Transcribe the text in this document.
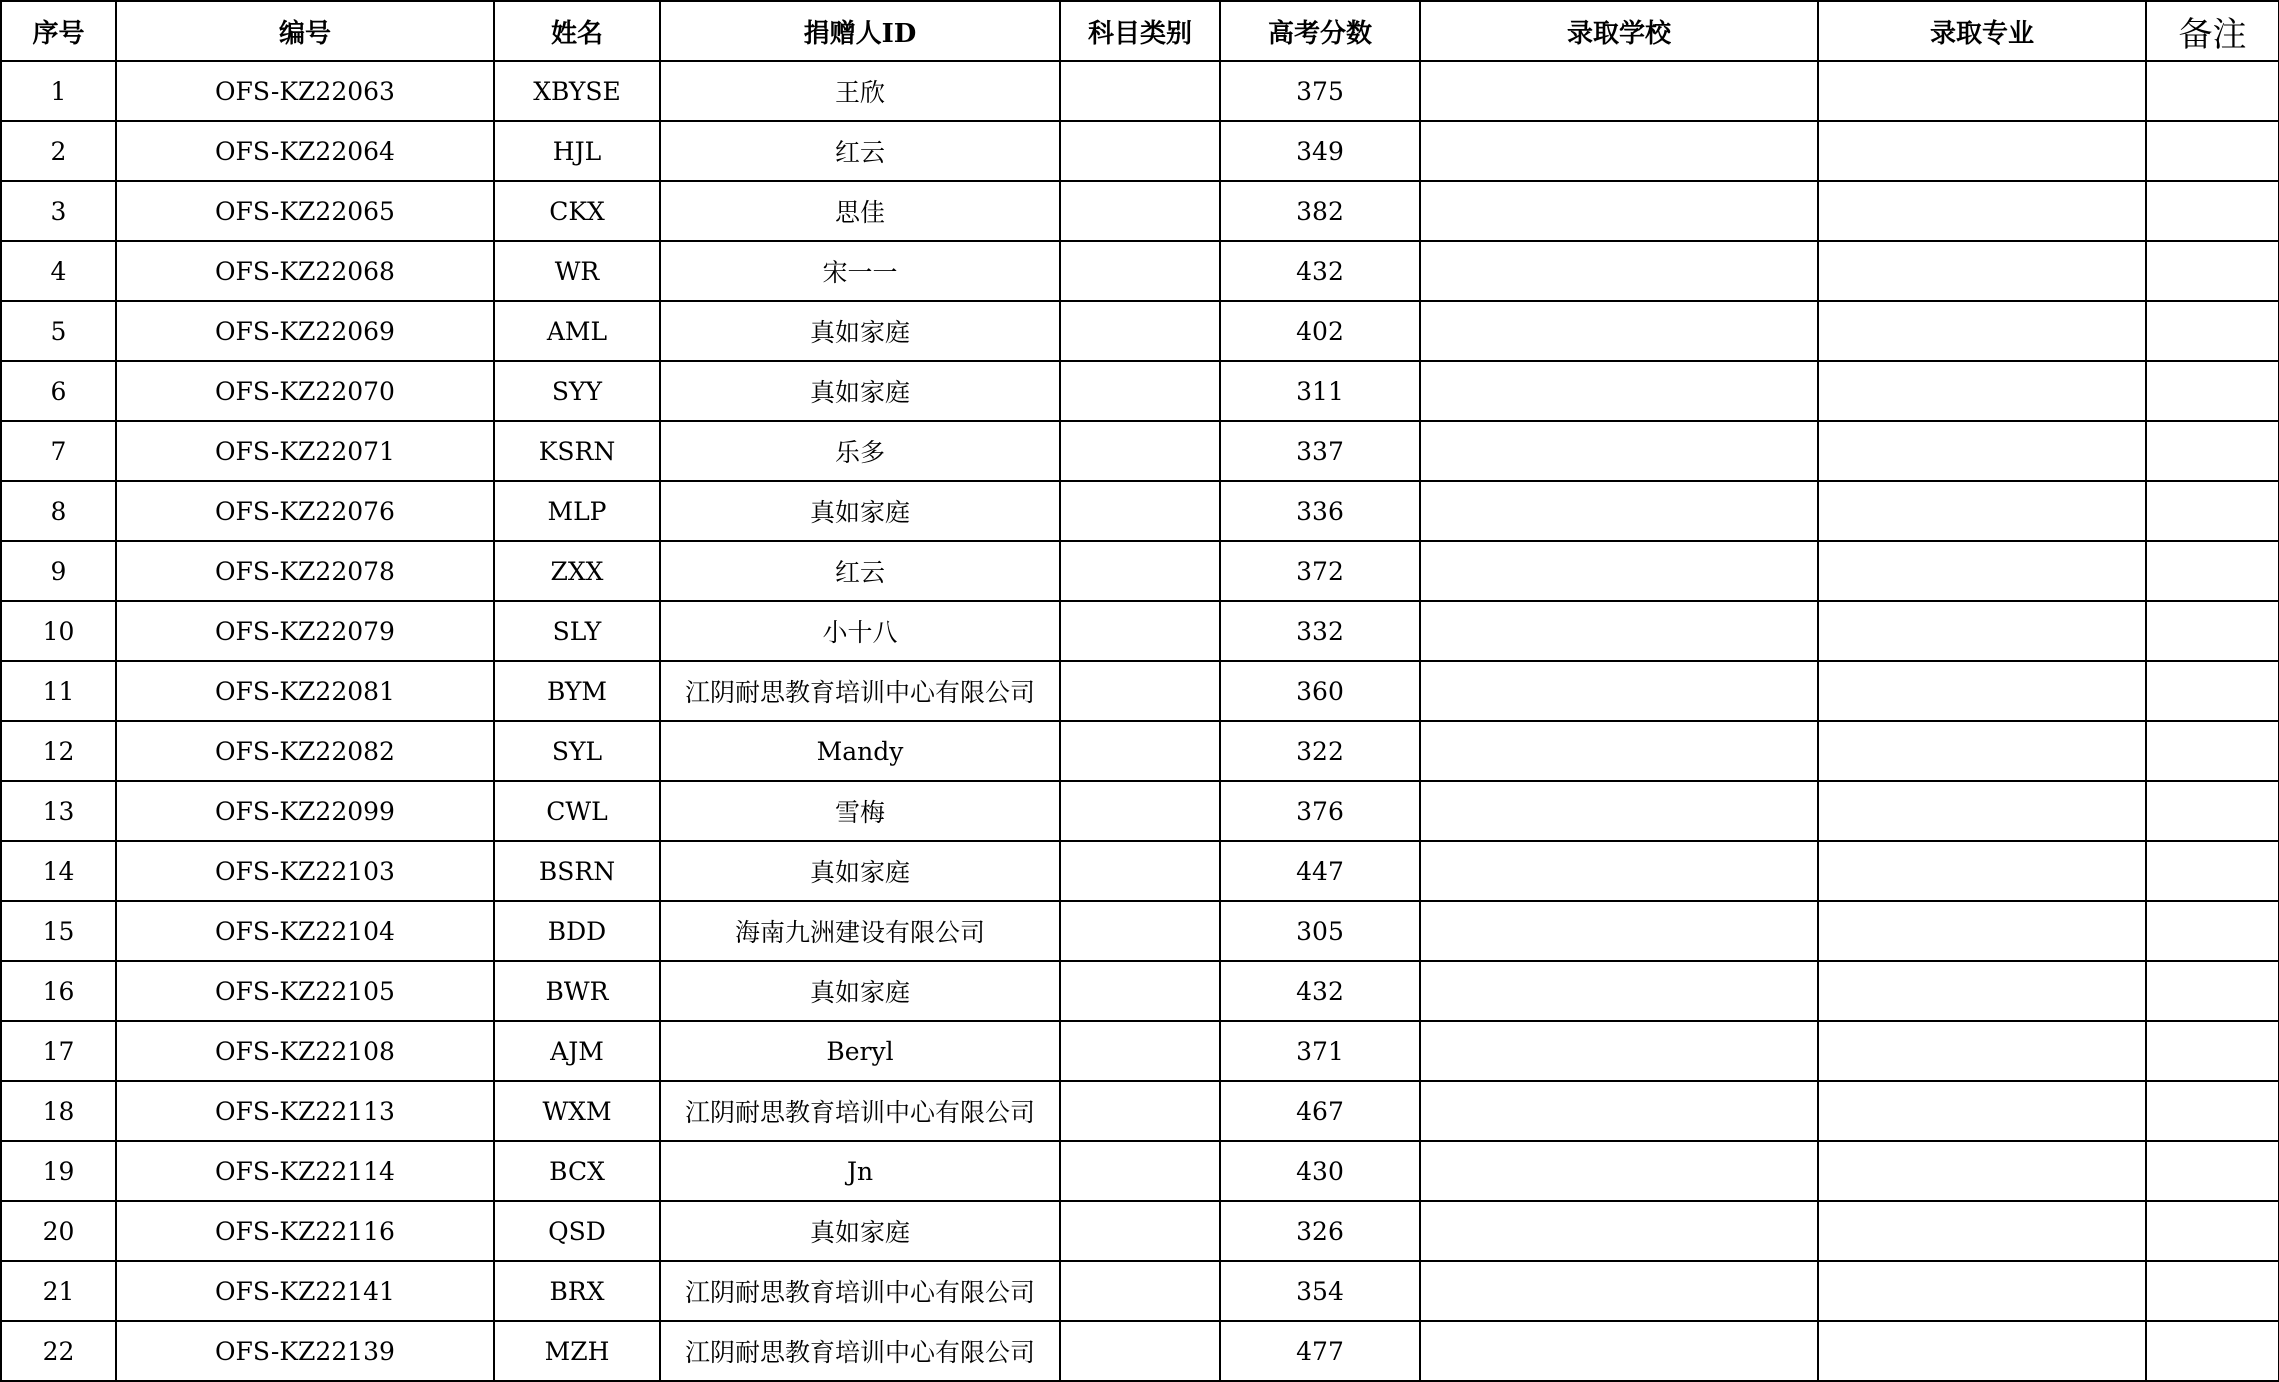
序号	编号	姓名	捐赠人ID	科目类别	高考分数	录取学校	录取专业	备注
1	OFS-KZ22063	XBYSE	王欣		375			
2	OFS-KZ22064	HJL	红云		349			
3	OFS-KZ22065	CKX	思佳		382			
4	OFS-KZ22068	WR	宋一一		432			
5	OFS-KZ22069	AML	真如家庭		402			
6	OFS-KZ22070	SYY	真如家庭		311			
7	OFS-KZ22071	KSRN	乐多		337			
8	OFS-KZ22076	MLP	真如家庭		336			
9	OFS-KZ22078	ZXX	红云		372			
10	OFS-KZ22079	SLY	小十八		332			
11	OFS-KZ22081	BYM	江阴耐思教育培训中心有限公司		360			
12	OFS-KZ22082	SYL	Mandy		322			
13	OFS-KZ22099	CWL	雪梅		376			
14	OFS-KZ22103	BSRN	真如家庭		447			
15	OFS-KZ22104	BDD	海南九洲建设有限公司		305			
16	OFS-KZ22105	BWR	真如家庭		432			
17	OFS-KZ22108	AJM	Beryl		371			
18	OFS-KZ22113	WXM	江阴耐思教育培训中心有限公司		467			
19	OFS-KZ22114	BCX	Jn		430			
20	OFS-KZ22116	QSD	真如家庭		326			
21	OFS-KZ22141	BRX	江阴耐思教育培训中心有限公司		354			
22	OFS-KZ22139	MZH	江阴耐思教育培训中心有限公司		477			
